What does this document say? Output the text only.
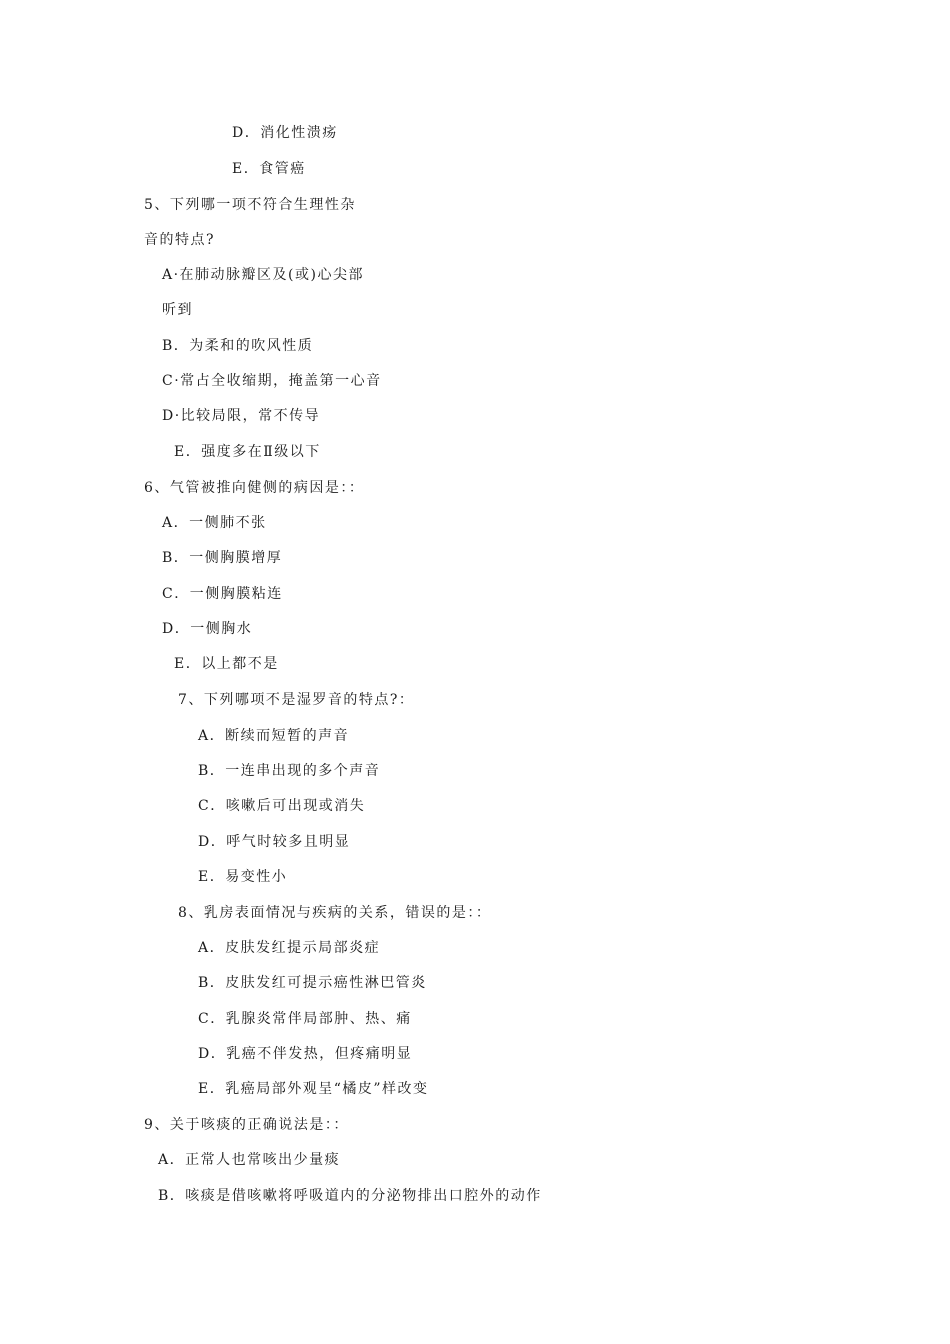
D．消化性溃疡
E．食管癌
5、下列哪一项不符合生理性杂
音的特点?
A·在肺动脉瓣区及(或)心尖部
听到
B．为柔和的吹风性质
C·常占全收缩期，掩盖第一心音
D·比较局限，常不传导
E．强度多在Ⅱ级以下
6、气管被推向健侧的病因是：：
A．一侧肺不张
B．一侧胸膜增厚
C．一侧胸膜粘连
D．一侧胸水
E．以上都不是
7、下列哪项不是湿罗音的特点?：
A．断续而短暂的声音
B．一连串出现的多个声音
C．咳嗽后可出现或消失
D．呼气时较多且明显
E．易变性小
8、乳房表面情况与疾病的关系，错误的是：：
A．皮肤发红提示局部炎症
B．皮肤发红可提示癌性淋巴管炎
C．乳腺炎常伴局部肿、热、痛
D．乳癌不伴发热，但疼痛明显
E．乳癌局部外观呈“橘皮”样改变
9、关于咳痰的正确说法是：：
A．正常人也常咳出少量痰
B．咳痰是借咳嗽将呼吸道内的分泌物排出口腔外的动作
